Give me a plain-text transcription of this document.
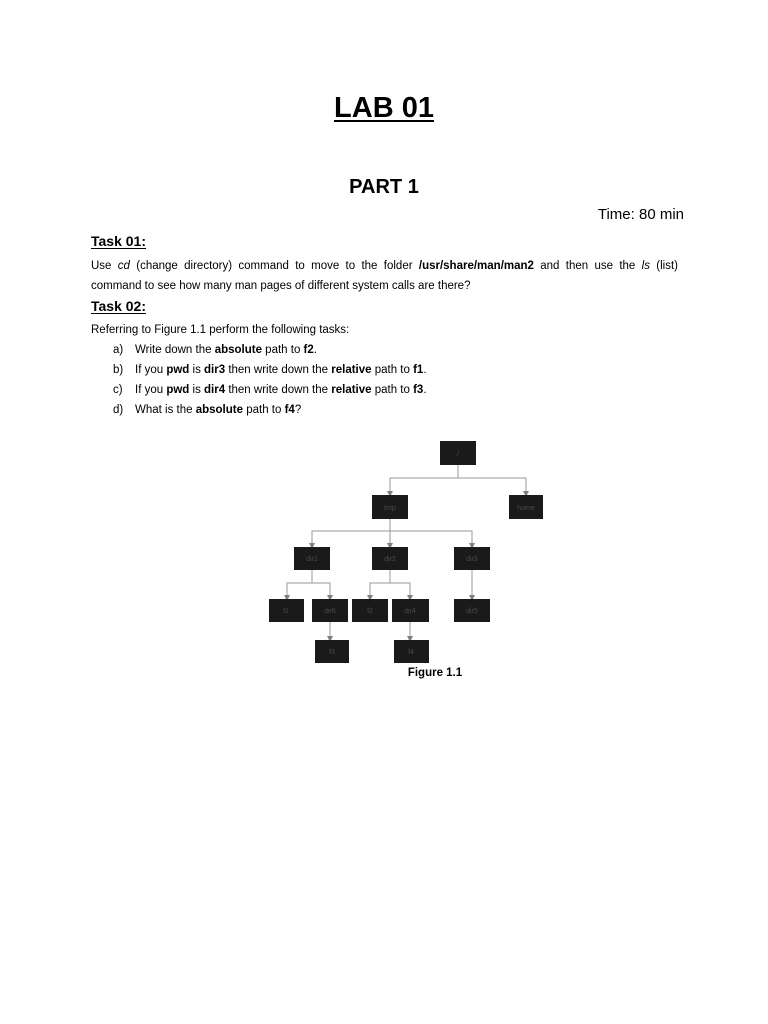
LAB 01
PART 1

Time: 80 min

Task 01:

Use cd (change directory) command to move to the folder /usr/share/man/man2 and then use the ls (list) command to see how many man pages of different system calls are there?

Task 02:

Referring to Figure 1.1 perform the following tasks:

a) Write down the absolute path to f2.
b) If you pwd is dir3 then write down the relative path to f1.
c) If you pwd is dir4 then write down the relative path to f3.
d) What is the absolute path to f4?
/
tmp	home
dir1	dir2	dir3
f1	dir6	f2	dir4	dir5
f3	f4

Figure 1.1
